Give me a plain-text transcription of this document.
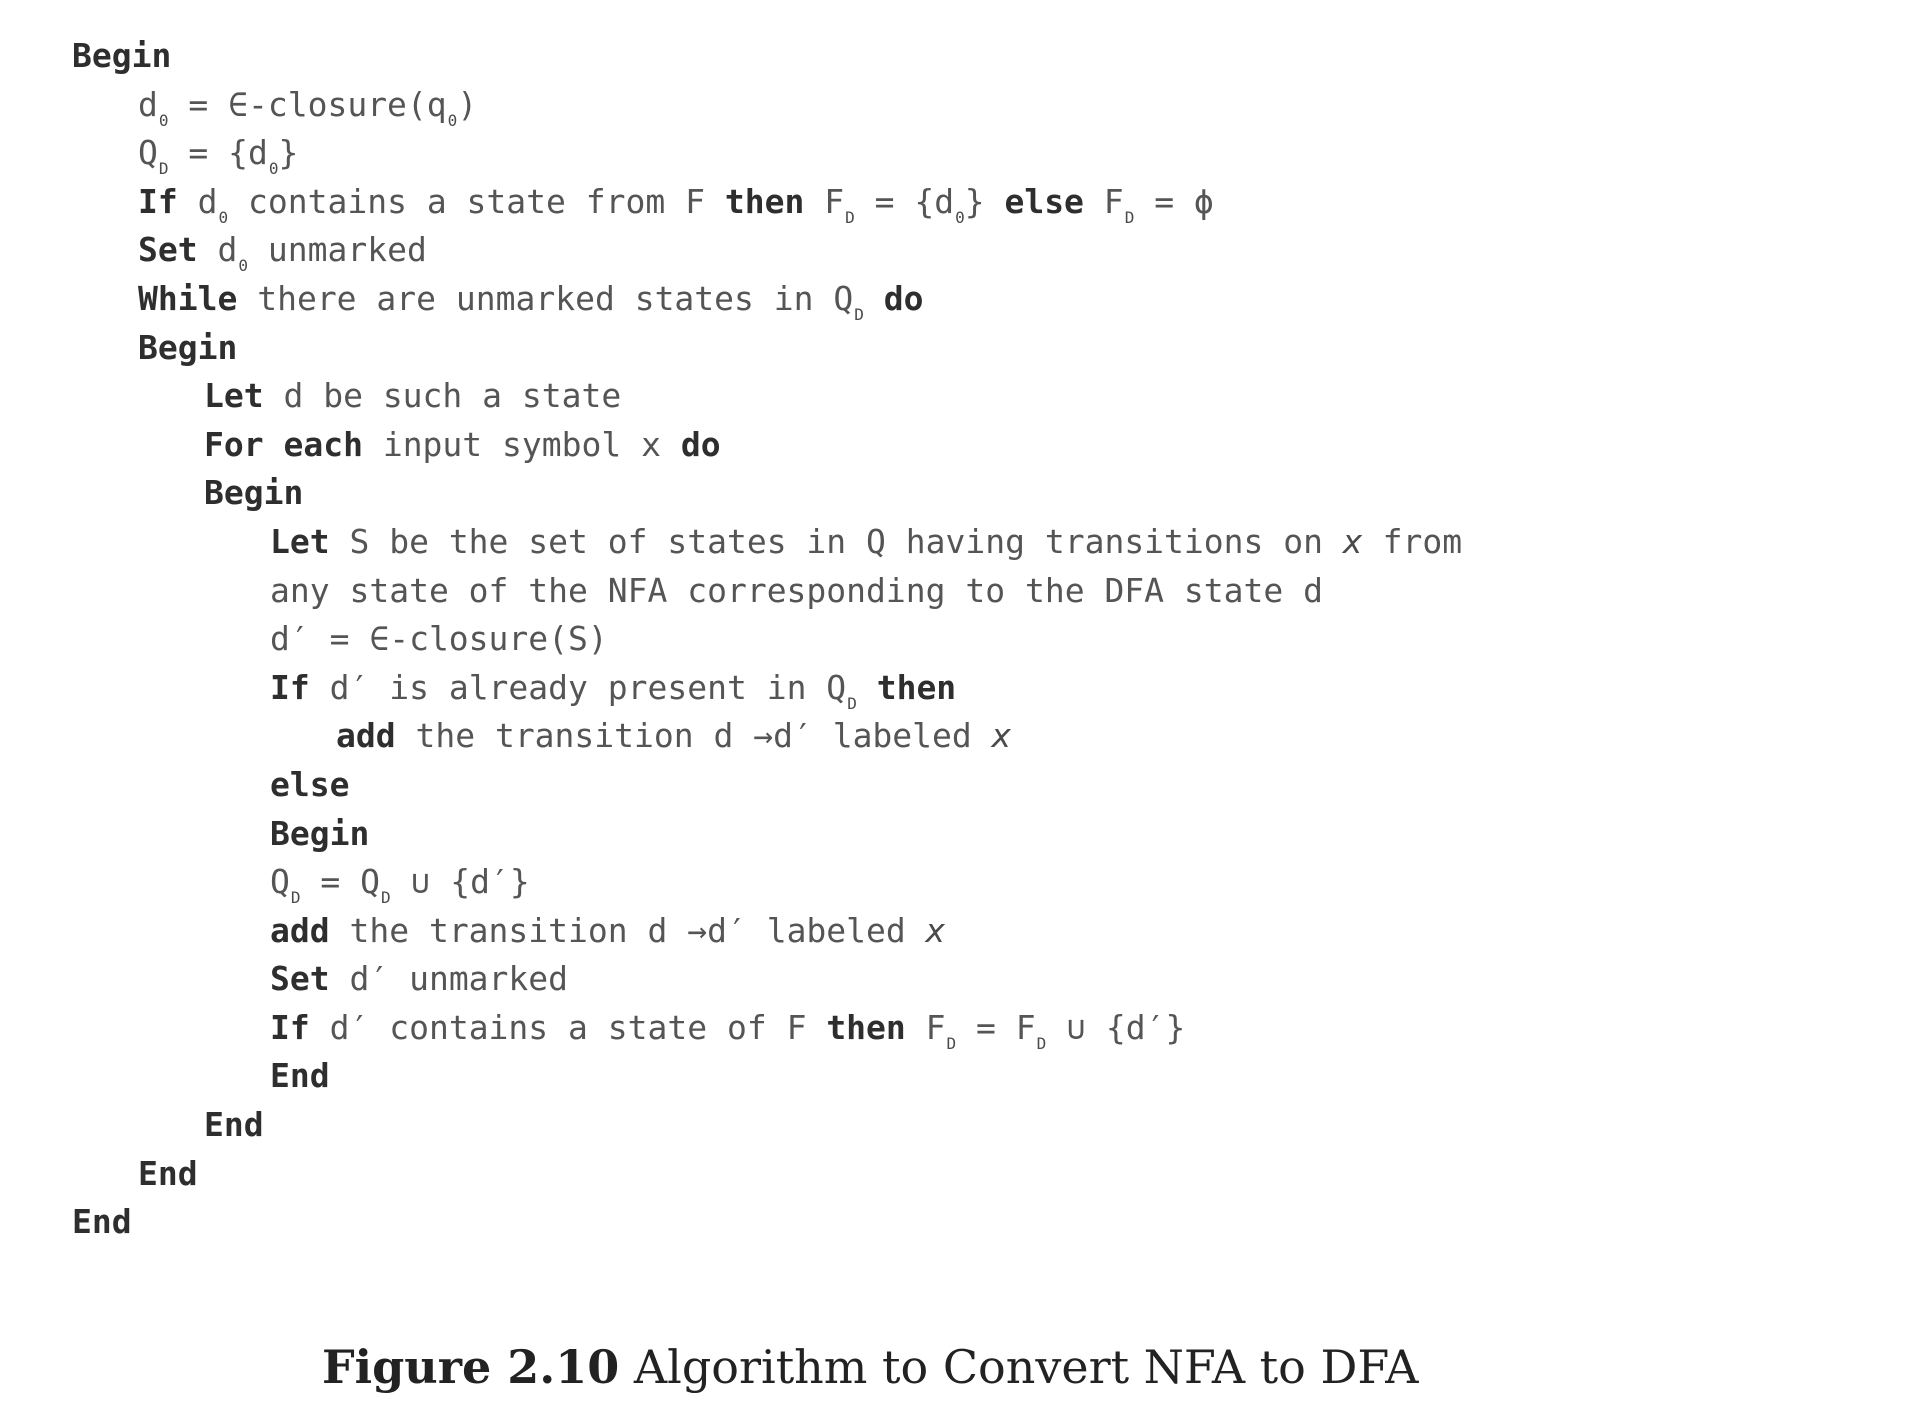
Begin
$d_0$ = $\in-closure(q_0)$
$Q_D = \{d_0\}$
If $d_0$ contains a state from F then $F_D = \{d_0\}$ else $F_D = \phi$
Set $d_0$ unmarked
While there are unmarked states in $Q_D$ do
Begin
Let d be such a state
For each input symbol x do
Begin
Let S be the set of states in Q having transitions on x from
any state of the NFA corresponding to the DFA state d
d′ = ∈-closure(S)
If d′ is already present in $Q_D$ then
add the transition d →d′ labeled x
else
Begin
$Q_D = Q_D$ ∪ {d′}
add the transition d →d′ labeled x
Set d′ unmarked
If d′ contains a state of F then $F_D = F_D$ ∪ {d′}
End
End
End
End
Figure 2.10 Algorithm to Convert NFA to DFA
